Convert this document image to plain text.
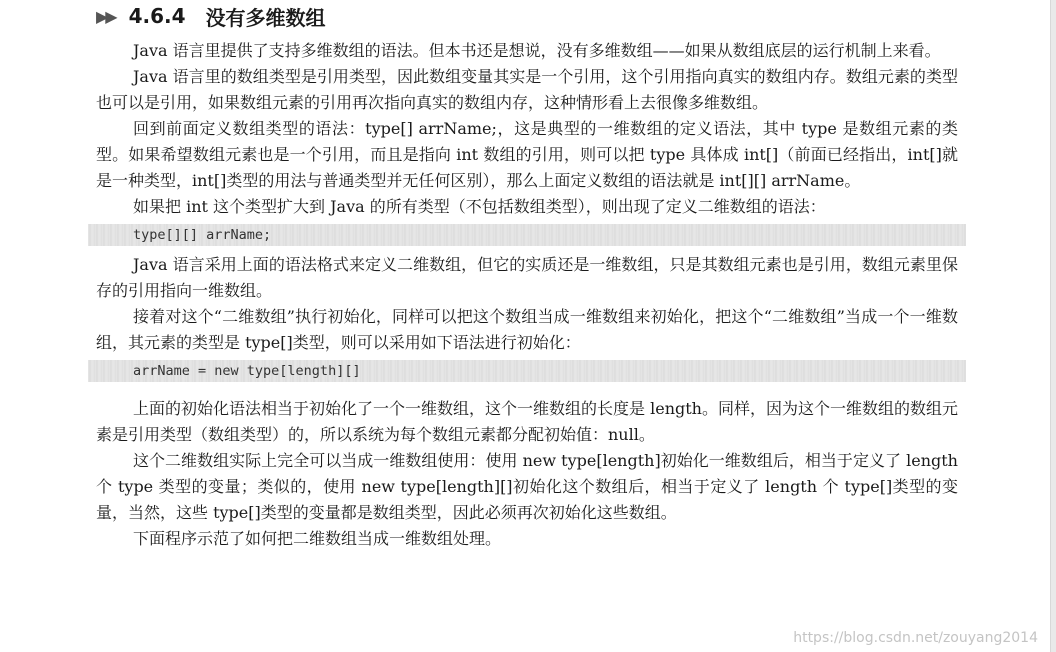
▶▶ 4.6.4 没有多维数组

Java 语言里提供了支持多维数组的语法。但本书还是想说，没有多维数组——如果从数组底层的运行机制上来看。

Java 语言里的数组类型是引用类型，因此数组变量其实是一个引用，这个引用指向真实的数组内存。数组元素的类型也可以是引用，如果数组元素的引用再次指向真实的数组内存，这种情形看上去很像多维数组。

回到前面定义数组类型的语法：type[] arrName;，这是典型的一维数组的定义语法，其中 type 是数组元素的类型。如果希望数组元素也是一个引用，而且是指向 int 数组的引用，则可以把 type 具体成 int[]（前面已经指出，int[]就是一种类型，int[]类型的用法与普通类型并无任何区别），那么上面定义数组的语法就是 int[][] arrName。

如果把 int 这个类型扩大到 Java 的所有类型（不包括数组类型），则出现了定义二维数组的语法：

type[][] arrName;

Java 语言采用上面的语法格式来定义二维数组，但它的实质还是一维数组，只是其数组元素也是引用，数组元素里保存的引用指向一维数组。

接着对这个“二维数组”执行初始化，同样可以把这个数组当成一维数组来初始化，把这个“二维数组”当成一个一维数组，其元素的类型是 type[]类型，则可以采用如下语法进行初始化：

arrName = new type[length][]

上面的初始化语法相当于初始化了一个一维数组，这个一维数组的长度是 length。同样，因为这个一维数组的数组元素是引用类型（数组类型）的，所以系统为每个数组元素都分配初始值：null。

这个二维数组实际上完全可以当成一维数组使用：使用 new type[length]初始化一维数组后，相当于定义了 length 个 type 类型的变量；类似的，使用 new type[length][]初始化这个数组后，相当于定义了 length 个 type[]类型的变量，当然，这些 type[]类型的变量都是数组类型，因此必须再次初始化这些数组。

下面程序示范了如何把二维数组当成一维数组处理。

https://blog.csdn.net/zouyang2014
